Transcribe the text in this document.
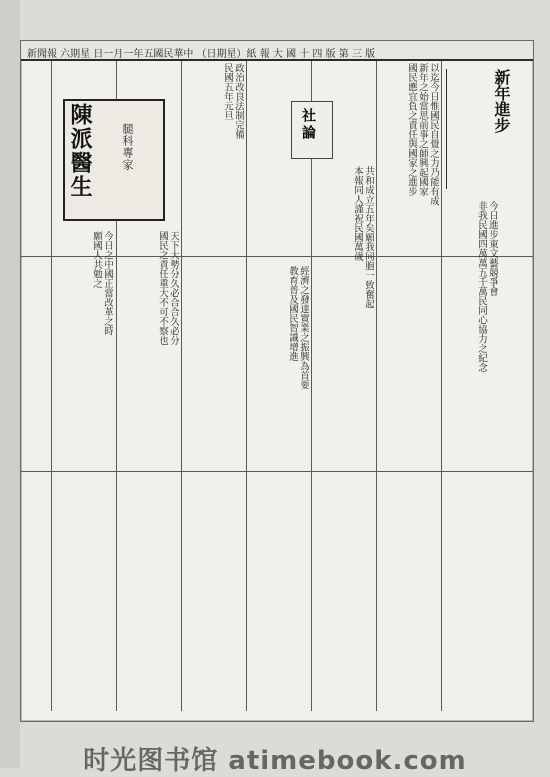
新聞報 六期星 日一月一年五國民華中 （日期星）紙 報 大 國 十 四 版 第 三 版
新年進步
陳派醫生	腿科專家	社論
今日進步東文藝競爭會
非我民國四萬萬五千萬民同心協力之紀念
以迄今日惟國民自覺之力乃能有成
新年之始當思前事之師興起國家
國民應宜負之責任與國家之進步
共和成立五年矣願我同胞一致奮起
本報同人謹祝民國萬歲
經濟之發達實業之振興為首要
教育普及國民智識增進
政治改良法制完備
民國五年元旦
天下大勢分久必合合久必分
國民之責任重大不可不察也
今日之中國正當改革之時
願國人共勉之
时光图书馆 atimebook.com
